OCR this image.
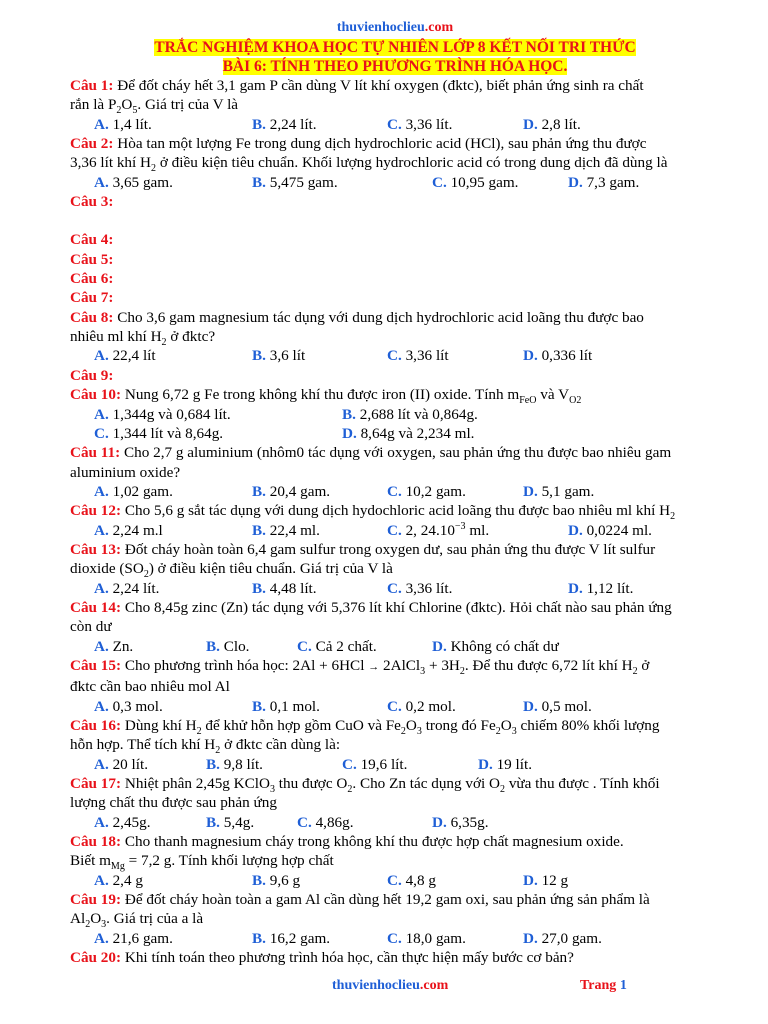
thuvienhoclieu.com
TRẮC NGHIỆM KHOA HỌC TỰ NHIÊN LỚP 8 KẾT NỐI TRI THỨC
BÀI 6: TÍNH THEO PHƯƠNG TRÌNH HÓA HỌC.
Câu 1: Để đốt cháy hết 3,1 gam P cần dùng V lít khí oxygen (đktc), biết phản ứng sinh ra chất
rắn là $P_2O_5$. Giá trị của V là
A. 1,4 lít.	B. 2,24 lít.	C. 3,36 lít.	D. 2,8 lít.
Câu 2: Hòa tan một lượng Fe trong dung dịch hydrochloric acid (HCl), sau phản ứng thu được
3,36 lít khí $H_2$ ở điều kiện tiêu chuẩn. Khối lượng hydrochloric acid có trong dung dịch đã dùng là
A. 3,65 gam.	B. 5,475 gam.	C. 10,95 gam.	D. 7,3 gam.
Câu 3:
Câu 4:
Câu 5:
Câu 6:
Câu 7:
Câu 8: Cho 3,6 gam magnesium tác dụng với dung dịch hydrochloric acid loãng thu được bao
nhiêu ml khí $H_2$ ở đktc?
A. 22,4 lít	B. 3,6 lít	C. 3,36 lít	D. 0,336 lít
Câu 9:
Câu 10: Nung 6,72 g Fe trong không khí thu được iron (II) oxide. Tính $m_{FeO}$ và $V_{O2}$
A. 1,344g và 0,684 lít.	B. 2,688 lít và 0,864g.
C. 1,344 lít và 8,64g.	D. 8,64g và 2,234 ml.
Câu 11: Cho 2,7 g aluminium (nhôm0 tác dụng với oxygen, sau phản ứng thu được bao nhiêu gam
aluminium oxide?
A. 1,02 gam.	B. 20,4 gam.	C. 10,2 gam.	D. 5,1 gam.
Câu 12: Cho 5,6 g sắt tác dụng với dung dịch hydochloric acid loãng thu được bao nhiêu ml khí $H_2$
A. 2,24 m.l	B. 22,4 ml.	C. 2, $24.10^{-3}$ ml.	D. 0,0224 ml.
Câu 13: Đốt cháy hoàn toàn 6,4 gam sulfur trong oxygen dư, sau phản ứng thu được V lít sulfur
dioxide $(SO_2)$ ở điều kiện tiêu chuẩn. Giá trị của V là
A. 2,24 lít.	B. 4,48 lít.	C. 3,36 lít.	D. 1,12 lít.
Câu 14: Cho 8,45g zinc (Zn) tác dụng với 5,376 lít khí Chlorine (đktc). Hỏi chất nào sau phản ứng
còn dư
A. Zn.	B. Clo.	C. Cả 2 chất.	D. Không có chất dư
Câu 15: Cho phương trình hóa học: 2Al + 6HCl → 2AlCl$_3$ + $3H_2$. Để thu được 6,72 lít khí $H_2$ ở
đktc cần bao nhiêu mol Al
A. 0,3 mol.	B. 0,1 mol.	C. 0,2 mol.	D. 0,5 mol.
Câu 16: Dùng khí $H_2$ để khử hỗn hợp gồm CuO và $Fe_2O_3$ trong đó $Fe_2O_3$ chiếm 80% khối lượng
hỗn hợp. Thể tích khí $H_2$ ở đktc cần dùng là:
A. 20 lít.	B. 9,8 lít.	C. 19,6 lít.	D. 19 lít.
Câu 17: Nhiệt phân 2,45g KClO$_3$ thu được $O_2$. Cho Zn tác dụng với $O_2$ vừa thu được . Tính khối
lượng chất thu được sau phản ứng
A. 2,45g.	B. 5,4g.	C. 4,86g.	D. 6,35g.
Câu 18: Cho thanh magnesium cháy trong không khí thu được hợp chất magnesium oxide.
Biết $m_{Mg} = 7,2$ g. Tính khối lượng hợp chất
A. 2,4 g	B. 9,6 g	C. 4,8 g	D. 12 g
Câu 19: Để đốt cháy hoàn toàn a gam Al cần dùng hết 19,2 gam oxi, sau phản ứng sản phẩm là
$Al_2O_3$. Giá trị của a là
A. 21,6 gam.	B. 16,2 gam.	C. 18,0 gam.	D. 27,0 gam.
Câu 20: Khi tính toán theo phương trình hóa học, cần thực hiện mấy bước cơ bản?
thuvienhoclieu.com	Trang 1
